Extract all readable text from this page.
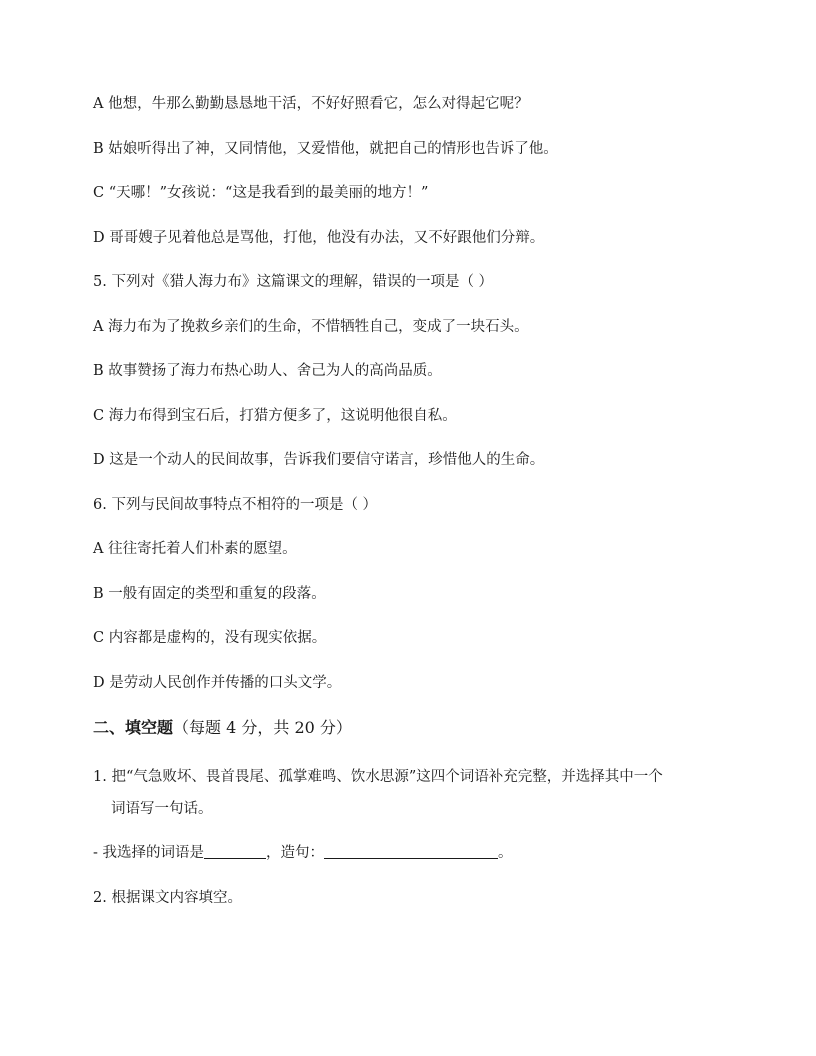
A 他想，牛那么勤勤恳恳地干活，不好好照看它，怎么对得起它呢？
B 姑娘听得出了神，又同情他，又爱惜他，就把自己的情形也告诉了他。
C “天哪！”女孩说：“这是我看到的最美丽的地方！”
D 哥哥嫂子见着他总是骂他，打他，他没有办法，又不好跟他们分辩。
5. 下列对《猎人海力布》这篇课文的理解，错误的一项是（ ）
A 海力布为了挽救乡亲们的生命，不惜牺牲自己，变成了一块石头。
B 故事赞扬了海力布热心助人、舍己为人的高尚品质。
C 海力布得到宝石后，打猎方便多了，这说明他很自私。
D 这是一个动人的民间故事，告诉我们要信守诺言，珍惜他人的生命。
6. 下列与民间故事特点不相符的一项是（ ）
A 往往寄托着人们朴素的愿望。
B 一般有固定的类型和重复的段落。
C 内容都是虚构的，没有现实依据。
D 是劳动人民创作并传播的口头文学。
二、填空题（每题 4 分，共 20 分）
1. 把“气急败坏、畏首畏尾、孤掌难鸣、饮水思源”这四个词语补充完整，并选择其中一个
词语写一句话。
- 我选择的词语是	，造句：	。
2. 根据课文内容填空。
